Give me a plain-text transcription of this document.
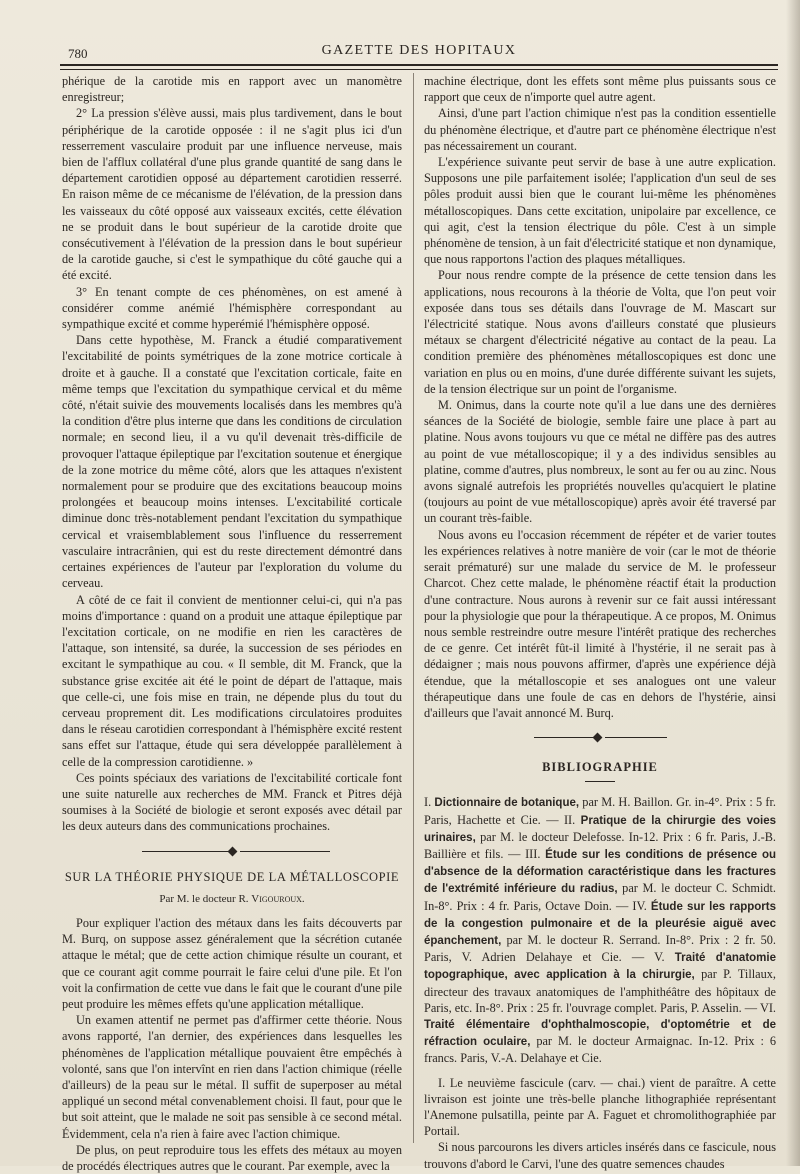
780	GAZETTE DES HOPITAUX

phérique de la carotide mis en rapport avec un manomètre enregistreur;

2° La pression s'élève aussi, mais plus tardivement, dans le bout périphérique de la carotide opposée : il ne s'agit plus ici d'un resserrement vasculaire produit par une influence nerveuse, mais bien de l'afflux collatéral d'une plus grande quantité de sang dans le département carotidien opposé au département carotidien resserré. En raison même de ce mécanisme de l'élévation, de la pression dans les vaisseaux du côté opposé aux vaisseaux excités, cette élévation ne se produit dans le bout supérieur de la carotide droite que consécutivement à l'élévation de la pression dans le bout supérieur de la carotide gauche, si c'est le sympathique du côté gauche qui a été excité.

3° En tenant compte de ces phénomènes, on est amené à considérer comme anémié l'hémisphère correspondant au sympathique excité et comme hyperémié l'hémisphère opposé.

Dans cette hypothèse, M. Franck a étudié comparativement l'excitabilité de points symétriques de la zone motrice corticale à droite et à gauche. Il a constaté que l'excitation corticale, faite en même temps que l'excitation du sympathique cervical et du même côté, n'était suivie des mouvements localisés dans les membres qu'à la condition d'être plus interne que dans les conditions de circulation normale; en second lieu, il a vu qu'il devenait très-difficile de provoquer l'attaque épileptique par l'excitation soutenue et énergique de la zone motrice du même côté, alors que les attaques n'existent normalement pour se produire que des excitations beaucoup moins prolongées et beaucoup moins intenses. L'excitabilité corticale diminue donc très-notablement pendant l'excitation du sympathique cervical et vraisemblablement sous l'influence du resserrement vasculaire intracrânien, qui est du reste directement démontré dans certaines expériences de l'auteur par l'exploration du volume du cerveau.

A côté de ce fait il convient de mentionner celui-ci, qui n'a pas moins d'importance : quand on a produit une attaque épileptique par l'excitation corticale, on ne modifie en rien les caractères de l'attaque, son intensité, sa durée, la succession de ses périodes en excitant le sympathique au cou. « Il semble, dit M. Franck, que la substance grise excitée ait été le point de départ de l'attaque, mais que celle-ci, une fois mise en train, ne dépende plus du tout du cerveau proprement dit. Les modifications circulatoires produites dans le réseau carotidien correspondant à l'hémisphère excité restent sans effet sur l'attaque, étude qui sera développée parallèlement à celle de la compression carotidienne. »

Ces points spéciaux des variations de l'excitabilité corticale font une suite naturelle aux recherches de MM. Franck et Pitres déjà soumises à la Société de biologie et seront exposés avec détail par les deux auteurs dans des communications prochaines.

SUR LA THÉORIE PHYSIQUE DE LA MÉTALLOSCOPIE
Par M. le docteur R. Vigouroux.

Pour expliquer l'action des métaux dans les faits découverts par M. Burq, on suppose assez généralement que la sécrétion cutanée attaque le métal; que de cette action chimique résulte un courant, et que ce courant agit comme pourrait le faire celui d'une pile. Et l'on voit la confirmation de cette vue dans le fait que le courant d'une pile peut produire les mêmes effets qu'une application métallique.

Un examen attentif ne permet pas d'affirmer cette théorie. Nous avons rapporté, l'an dernier, des expériences dans lesquelles les phénomènes de l'application métallique pouvaient être empêchés à volonté, sans que l'on intervînt en rien dans l'action chimique (réelle d'ailleurs) de la peau sur le métal. Il suffit de superposer au métal appliqué un second métal convenablement choisi. Il faut, pour que le but soit atteint, que le malade ne soit pas sensible à ce second métal. Évidemment, cela n'a rien à faire avec l'action chimique.

De plus, on peut reproduire tous les effets des métaux au moyen de procédés électriques autres que le courant. Par exemple, avec la

machine électrique, dont les effets sont même plus puissants sous ce rapport que ceux de n'importe quel autre agent.

Ainsi, d'une part l'action chimique n'est pas la condition essentielle du phénomène électrique, et d'autre part ce phénomène électrique n'est pas nécessairement un courant.

L'expérience suivante peut servir de base à une autre explication. Supposons une pile parfaitement isolée; l'application d'un seul de ses pôles produit aussi bien que le courant lui-même les phénomènes métalloscopiques. Dans cette excitation, unipolaire par excellence, ce qui agit, c'est la tension électrique du pôle. C'est à un simple phénomène de tension, à un fait d'électricité statique et non dynamique, que nous rapportons l'action des plaques métalliques.

Pour nous rendre compte de la présence de cette tension dans les applications, nous recourons à la théorie de Volta, que l'on peut voir exposée dans tous ses détails dans l'ouvrage de M. Mascart sur l'électricité statique. Nous avons d'ailleurs constaté que plusieurs métaux se chargent d'électricité négative au contact de la peau. La condition première des phénomènes métalloscopiques est donc une variation en plus ou en moins, d'une durée différente suivant les sujets, de la tension électrique sur un point de l'organisme.

M. Onimus, dans la courte note qu'il a lue dans une des dernières séances de la Société de biologie, semble faire une place à part au platine. Nous avons toujours vu que ce métal ne diffère pas des autres au point de vue métalloscopique; il y a des individus sensibles au platine, comme d'autres, plus nombreux, le sont au fer ou au zinc. Nous avons signalé autrefois les propriétés nouvelles qu'acquiert le platine (toujours au point de vue métalloscopique) après avoir été traversé par un courant très-faible.

Nous avons eu l'occasion récemment de répéter et de varier toutes les expériences relatives à notre manière de voir (car le mot de théorie serait prématuré) sur une malade du service de M. le professeur Charcot. Chez cette malade, le phénomène réactif était la production d'une contracture. Nous aurons à revenir sur ce fait aussi intéressant pour la physiologie que pour la thérapeutique. A ce propos, M. Onimus nous semble restreindre outre mesure l'intérêt pratique des recherches de ce genre. Cet intérêt fût-il limité à l'hystérie, il ne serait pas à dédaigner ; mais nous pouvons affirmer, d'après une expérience déjà étendue, que la métalloscopie et ses analogues ont une valeur thérapeutique dans une foule de cas en dehors de l'hystérie, ainsi d'ailleurs que l'avait annoncé M. Burq.

BIBLIOGRAPHIE

I. Dictionnaire de botanique, par M. H. Baillon. Gr. in-4°. Prix : 5 fr. Paris, Hachette et Cie. — II. Pratique de la chirurgie des voies urinaires, par M. le docteur Delefosse. In-12. Prix : 6 fr. Paris, J.-B. Baillière et fils. — III. Étude sur les conditions de présence ou d'absence de la déformation caractéristique dans les fractures de l'extrémité inférieure du radius, par M. le docteur C. Schmidt. In-8°. Prix : 4 fr. Paris, Octave Doin. — IV. Étude sur les rapports de la congestion pulmonaire et de la pleurésie aiguë avec épanchement, par M. le docteur R. Serrand. In-8°. Prix : 2 fr. 50. Paris, V. Adrien Delahaye et Cie. — V. Traité d'anatomie topographique, avec application à la chirurgie, par P. Tillaux, directeur des travaux anatomiques de l'amphithéâtre des hôpitaux de Paris, etc. In-8°. Prix : 25 fr. l'ouvrage complet. Paris, P. Asselin. — VI. Traité élémentaire d'ophthalmoscopie, d'optométrie et de réfraction oculaire, par M. le docteur Armaignac. In-12. Prix : 6 francs. Paris, V.-A. Delahaye et Cie.

I. Le neuvième fascicule (carv. — chai.) vient de paraître. A cette livraison est jointe une très-belle planche lithographiée représentant l'Anemone pulsatilla, peinte par A. Faguet et chromolithographiée par Portail.

Si nous parcourons les divers articles insérés dans ce fascicule, nous trouvons d'abord le Carvi, l'une des quatre semences chaudes
